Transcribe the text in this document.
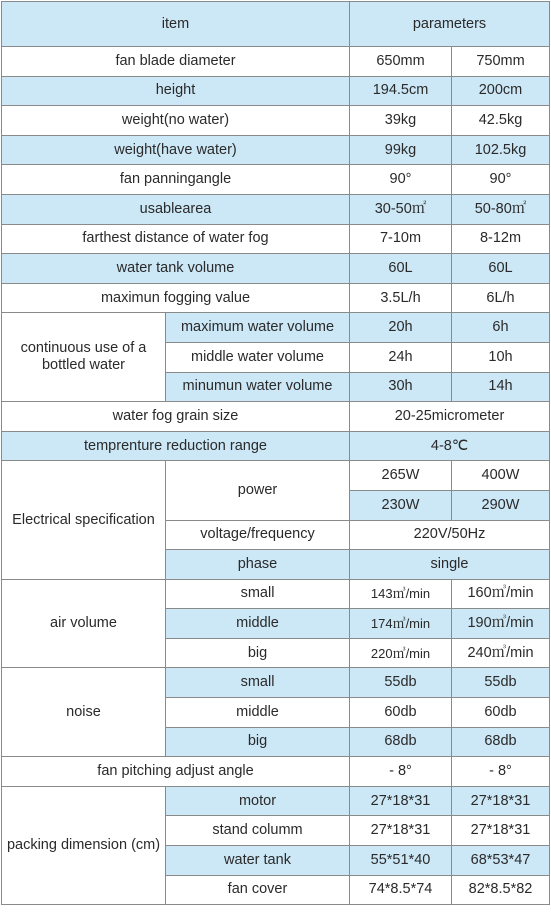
item		parameters	
fan blade diameter		650mm	750mm
height		194.5cm	200cm
weight(no water)		39kg	42.5kg
weight(have water)		99kg	102.5kg
fan panningangle		90°	90°
usablearea		30-50㎡	50-80㎡
farthest distance of water fog		7-10m	8-12m
water tank volume		60L	60L
maximun fogging value		3.5L/h	6L/h
continuous use of a bottled water	maximum water volume	20h	6h
	middle water volume	24h	10h
	minumun water volume	30h	14h
water fog grain size		20-25micrometer	
temprenture reduction range		4-8℃	
Electrical specification	power	265W	400W
		230W	290W
	voltage/frequency	220V/50Hz	
	phase	single	
air volume	small	143㎥/min	160㎥/min
	middle	174㎥/min	190㎥/min
	big	220㎥/min	240㎥/min
noise	small	55db	55db
	middle	60db	60db
	big	68db	68db
fan pitching adjust angle		- 8°	- 8°
packing dimension (cm)	motor	27*18*31	27*18*31
	stand columm	27*18*31	27*18*31
	water tank	55*51*40	68*53*47
	fan cover	74*8.5*74	82*8.5*82
